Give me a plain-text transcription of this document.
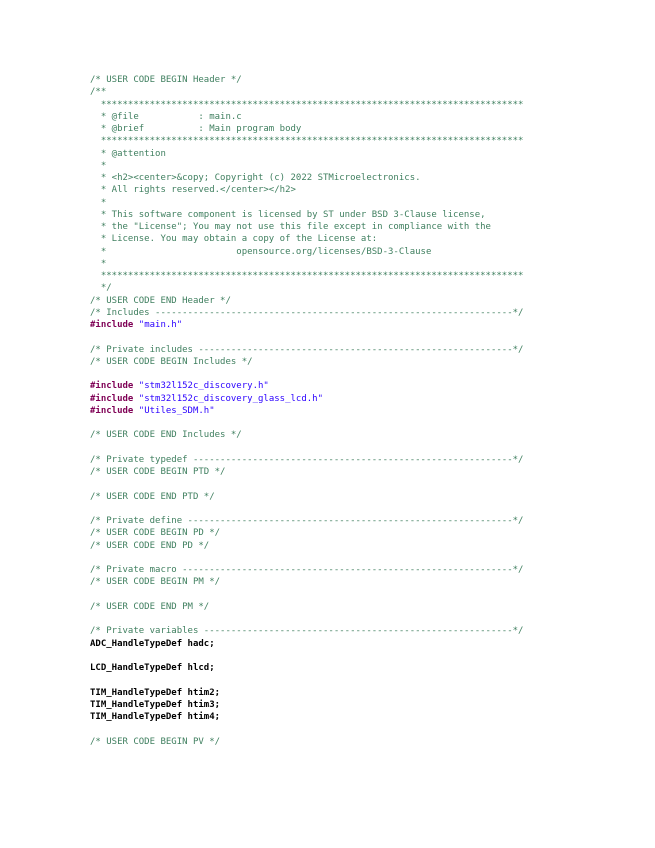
/* USER CODE BEGIN Header */
/**
******************************************************************************
* @file           : main.c
* @brief          : Main program body
******************************************************************************
* @attention
*
* <h2><center>&copy; Copyright (c) 2022 STMicroelectronics.
* All rights reserved.</center></h2>
*
* This software component is licensed by ST under BSD 3-Clause license,
* the "License"; You may not use this file except in compliance with the
* License. You may obtain a copy of the License at:
*                        opensource.org/licenses/BSD-3-Clause
*
******************************************************************************
*/
/* USER CODE END Header */
/* Includes ------------------------------------------------------------------*/
#include "main.h"
/* Private includes ----------------------------------------------------------*/
/* USER CODE BEGIN Includes */
#include "stm32l152c_discovery.h"
#include "stm32l152c_discovery_glass_lcd.h"
#include "Utiles_SDM.h"
/* USER CODE END Includes */
/* Private typedef -----------------------------------------------------------*/
/* USER CODE BEGIN PTD */
/* USER CODE END PTD */
/* Private define ------------------------------------------------------------*/
/* USER CODE BEGIN PD */
/* USER CODE END PD */
/* Private macro -------------------------------------------------------------*/
/* USER CODE BEGIN PM */
/* USER CODE END PM */
/* Private variables ---------------------------------------------------------*/
ADC_HandleTypeDef hadc;
LCD_HandleTypeDef hlcd;
TIM_HandleTypeDef htim2;
TIM_HandleTypeDef htim3;
TIM_HandleTypeDef htim4;
/* USER CODE BEGIN PV */
